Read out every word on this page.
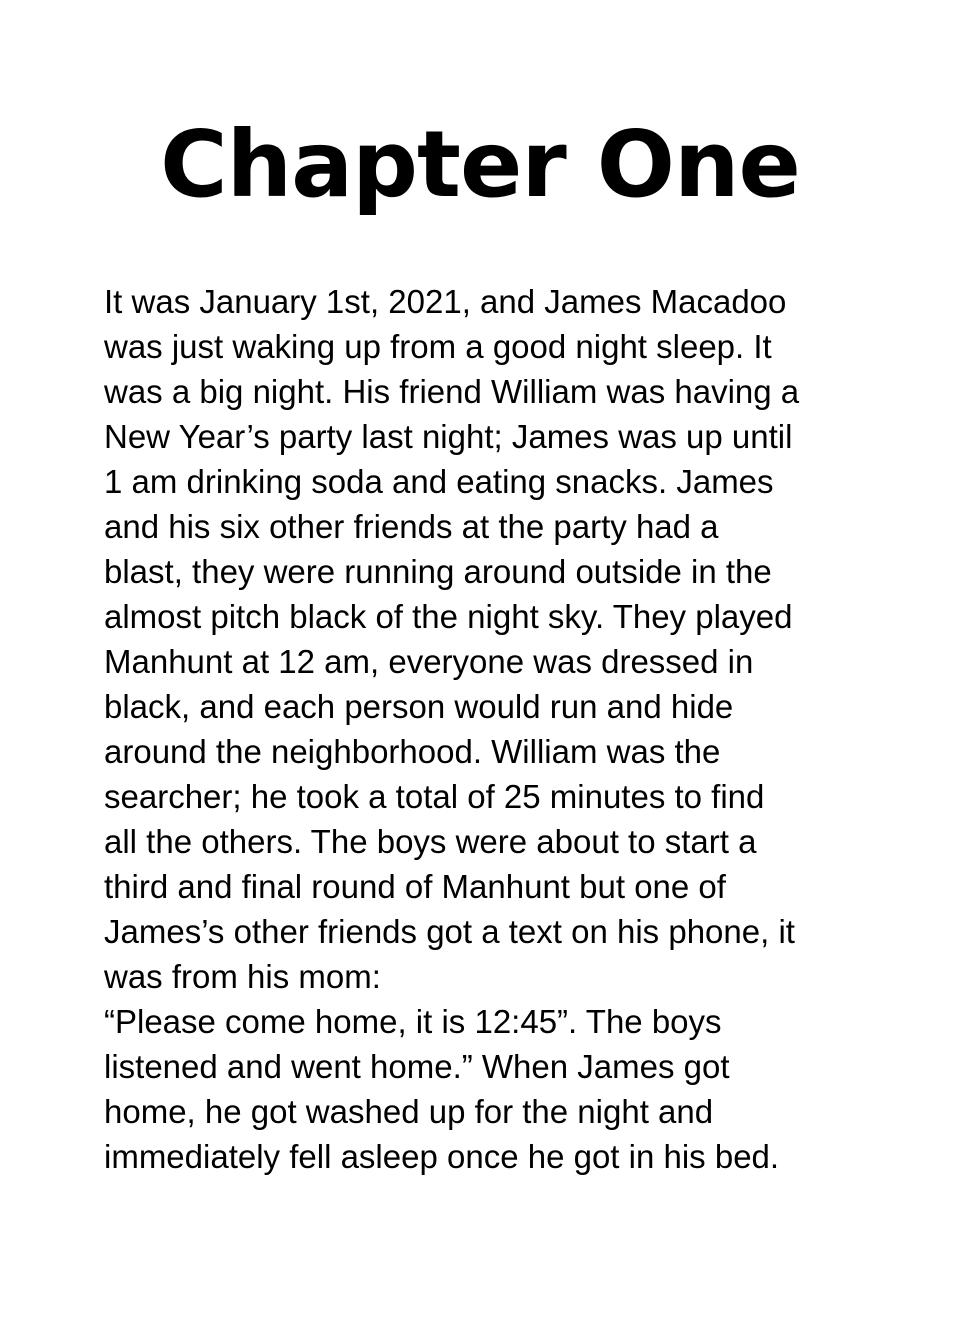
Chapter One

It was January 1st, 2021, and James Macadoo
was just waking up from a good night sleep. It
was a big night. His friend William was having a
New Year’s party last night; James was up until
1 am drinking soda and eating snacks. James
and his six other friends at the party had a
blast, they were running around outside in the
almost pitch black of the night sky. They played
Manhunt at 12 am, everyone was dressed in
black, and each person would run and hide
around the neighborhood. William was the
searcher; he took a total of 25 minutes to find
all the others. The boys were about to start a
third and final round of Manhunt but one of
James’s other friends got a text on his phone, it
was from his mom:
“Please come home, it is 12:45”. The boys
listened and went home.” When James got
home, he got washed up for the night and
immediately fell asleep once he got in his bed.
